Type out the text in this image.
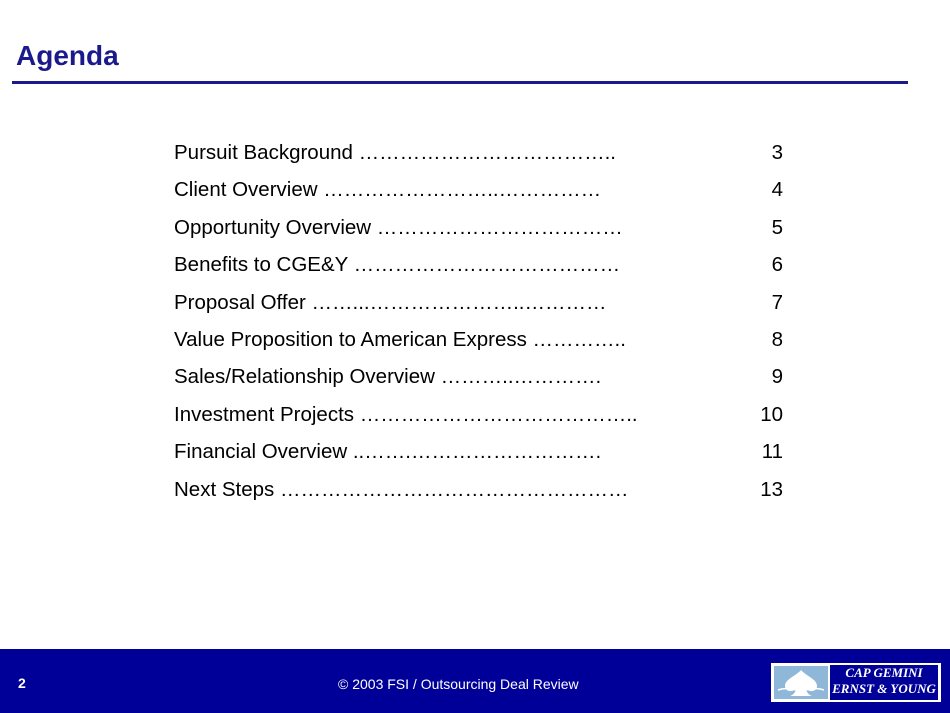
Agenda
Pursuit Background ………………………………..	3
Client Overview ……………………..……………	4
Opportunity Overview ………………………………	5
Benefits to CGE&Y …………………………………	6
Proposal Offer ……...…………………..…………	7
Value Proposition to American Express …………..	8
Sales/Relationship Overview ………..………….	9
Investment Projects …………………………………..	10
Financial Overview ..…….……………………….	11
Next Steps ……………………………………………	13
2	© 2003 FSI / Outsourcing Deal Review
CAP GEMINI
ERNST & YOUNG
